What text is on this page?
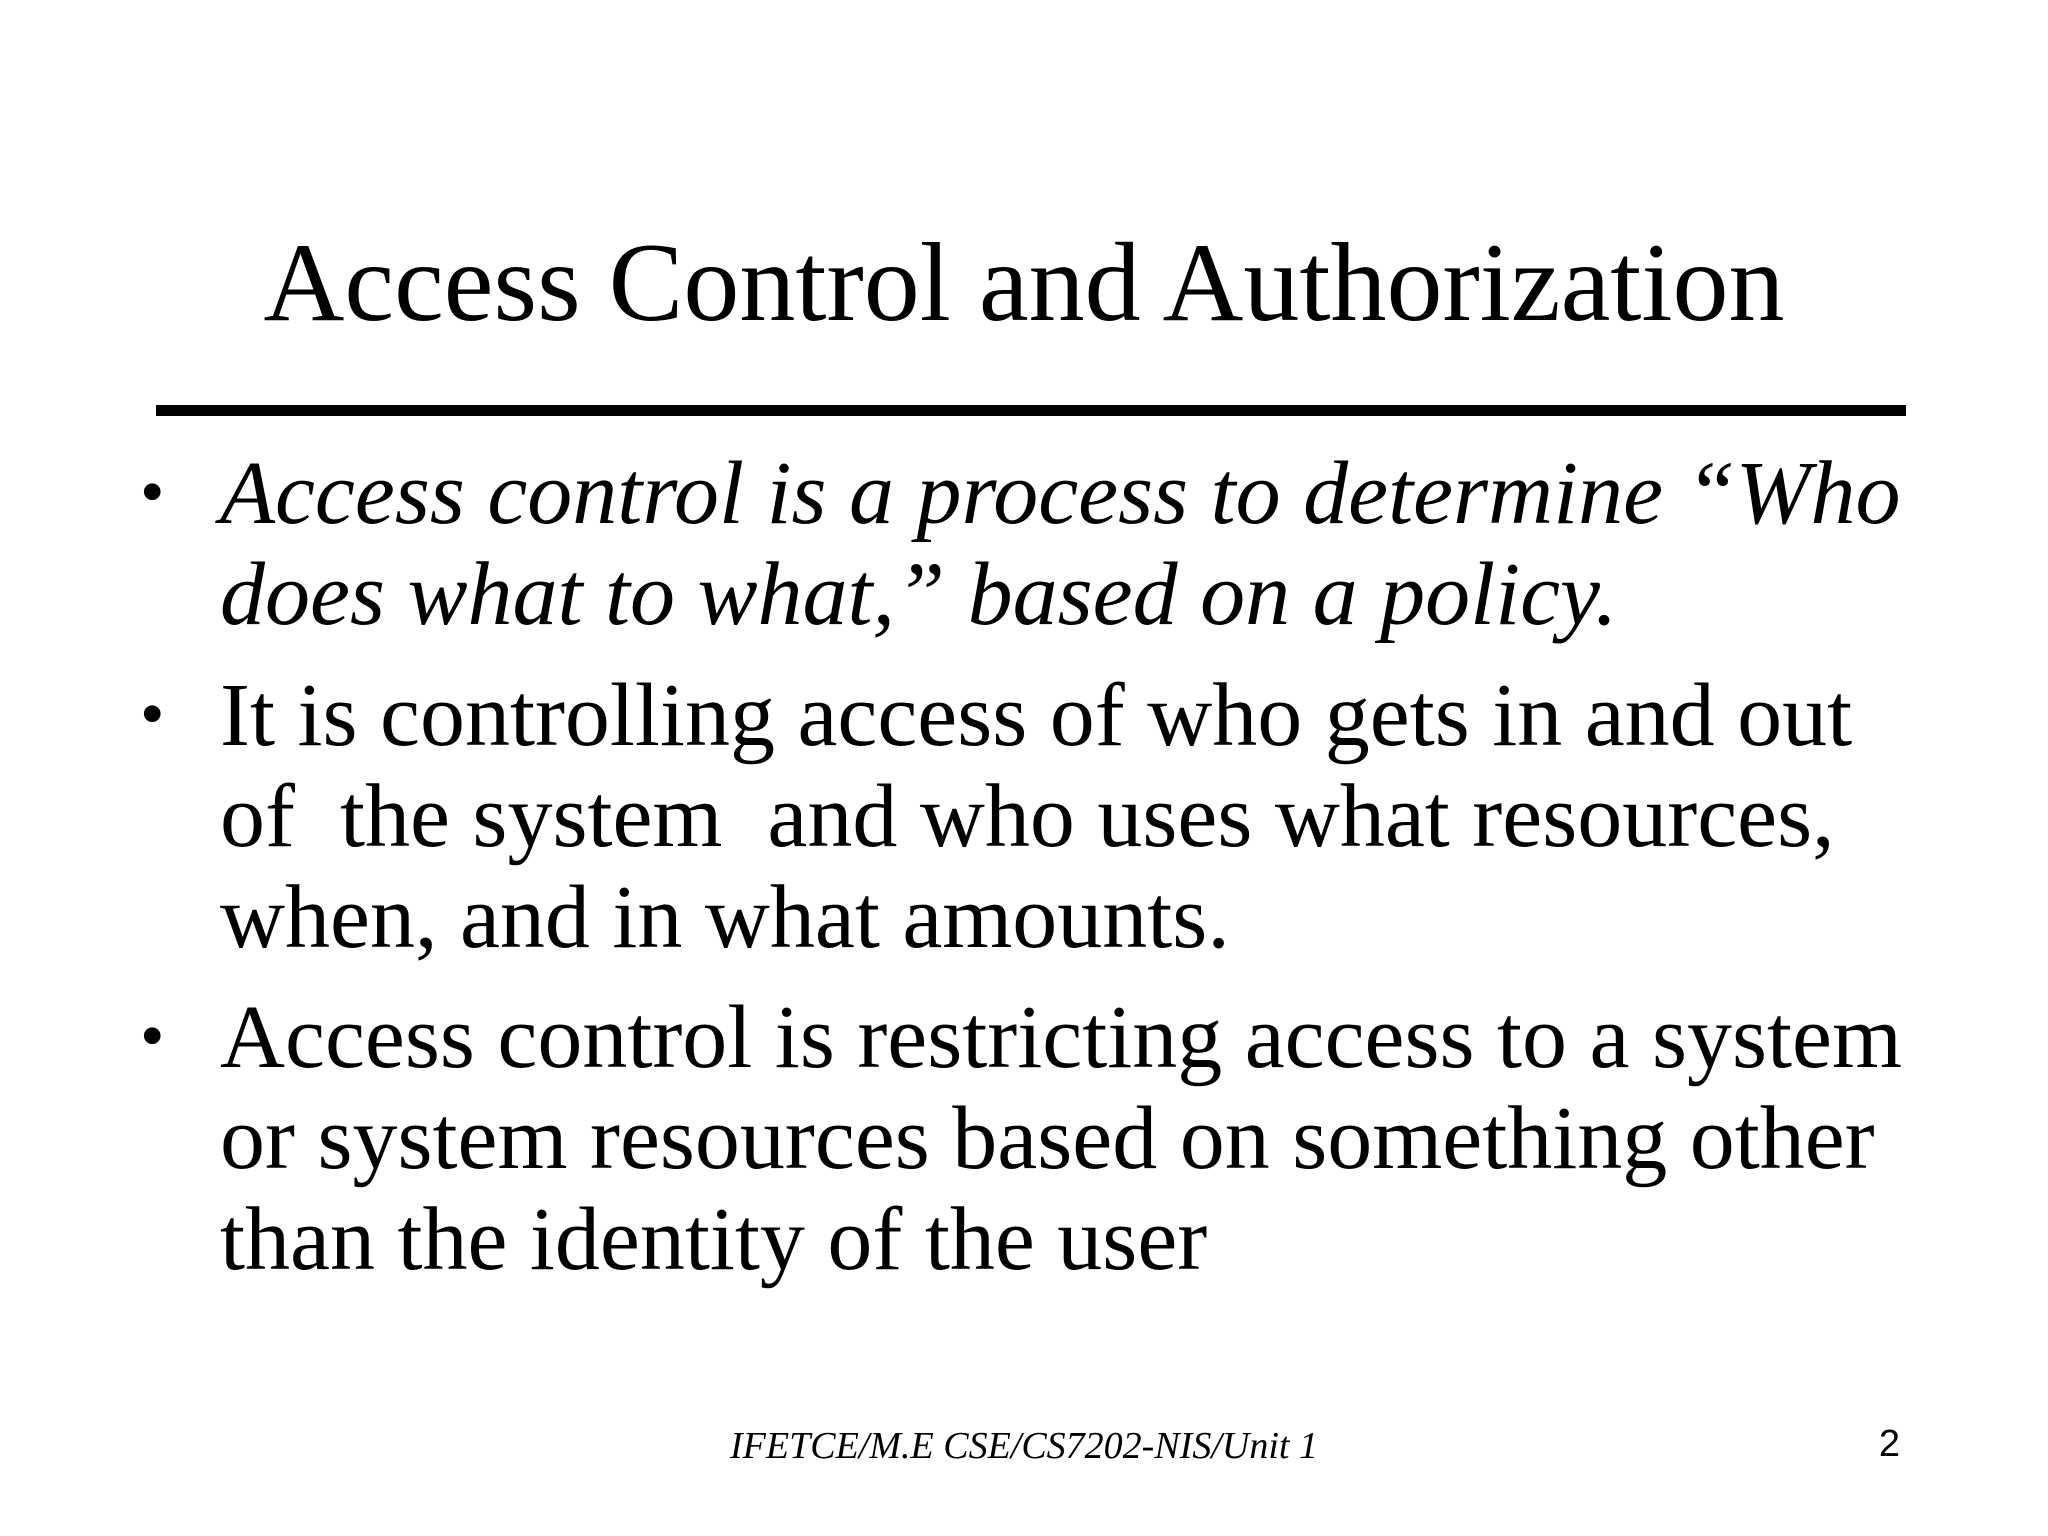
Access Control and Authorization
• Access control is a process to determine “Who
does what to what,” based on a policy.

• It is controlling access of who gets in and out
of  the system  and who uses what resources,
when, and in what amounts.

• Access control is restricting access to a system
or system resources based on something other
than the identity of the user

IFETCE/M.E CSE/CS7202-NIS/Unit 1	2
